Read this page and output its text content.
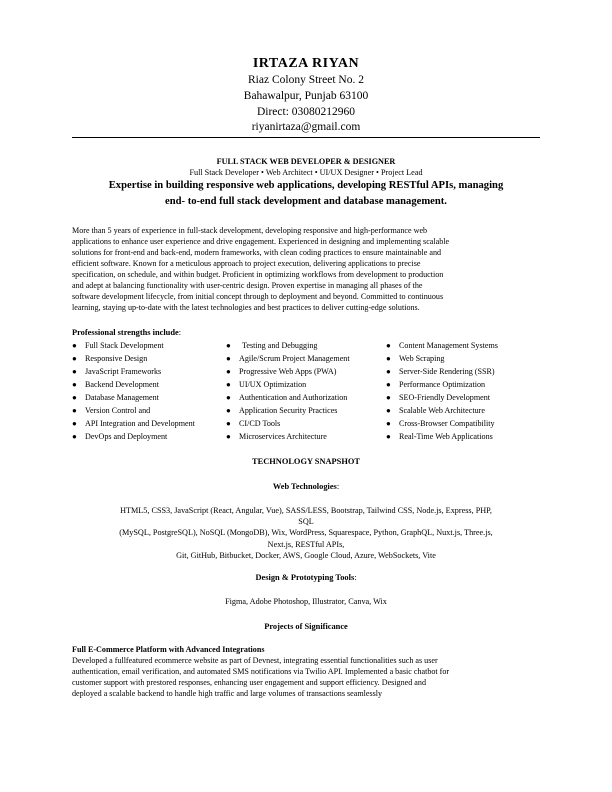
IRTAZA RIYAN
Riaz Colony Street No. 2
Bahawalpur, Punjab 63100
Direct: 03080212960
riyanirtaza@gmail.com
FULL STACK WEB DEVELOPER & DESIGNER
Full Stack Developer • Web Architect • UI/UX Designer • Project Lead
Expertise in building responsive web applications, developing RESTful APIs, managing
end- to-end full stack development and database management.
More than 5 years of experience in full-stack development, developing responsive and high-performance web
applications to enhance user experience and drive engagement. Experienced in designing and implementing scalable
solutions for front-end and back-end, modern frameworks, with clean coding practices to ensure maintainable and
efficient software. Known for a meticulous approach to project execution, delivering applications to precise
specification, on schedule, and within budget. Proficient in optimizing workflows from development to production
and adept at balancing functionality with user-centric design. Proven expertise in managing all phases of the
software development lifecycle, from initial concept through to deployment and beyond. Committed to continuous
learning, staying up-to-date with the latest technologies and best practices to deliver cutting-edge solutions.
Professional strengths include:
● Full Stack Development
● Responsive Design
● JavaScript Frameworks
● Backend Development
● Database Management
● Version Control and
● API Integration and Development
● DevOps and Deployment
● Testing and Debugging
● Agile/Scrum Project Management
● Progressive Web Apps (PWA)
● UI/UX Optimization
● Authentication and Authorization
● Application Security Practices
● CI/CD Tools
● Microservices Architecture
● Content Management Systems
● Web Scraping
● Server-Side Rendering (SSR)
● Performance Optimization
● SEO-Friendly Development
● Scalable Web Architecture
● Cross-Browser Compatibility
● Real-Time Web Applications
TECHNOLOGY SNAPSHOT
Web Technologies:
HTML5, CSS3, JavaScript (React, Angular, Vue), SASS/LESS, Bootstrap, Tailwind CSS, Node.js, Express, PHP,
SQL
(MySQL, PostgreSQL), NoSQL (MongoDB), Wix, WordPress, Squarespace, Python, GraphQL, Nuxt.js, Three.js,
Next.js, RESTful APIs,
Git, GitHub, Bitbucket, Docker, AWS, Google Cloud, Azure, WebSockets, Vite
Design & Prototyping Tools:
Figma, Adobe Photoshop, Illustrator, Canva, Wix
Projects of Significance
Full E-Commerce Platform with Advanced Integrations
Developed a fullfeatured ecommerce website as part of Devnest, integrating essential functionalities such as user
authentication, email verification, and automated SMS notifications via Twilio API. Implemented a basic chatbot for
customer support with prestored responses, enhancing user engagement and support efficiency. Designed and
deployed a scalable backend to handle high traffic and large volumes of transactions seamlessly
